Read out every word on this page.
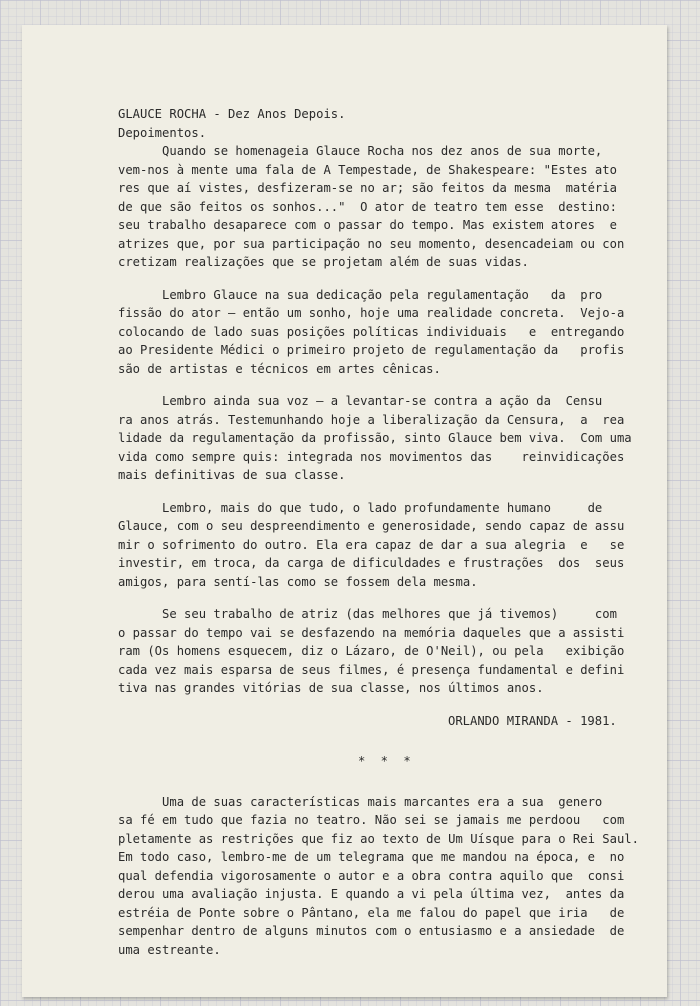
GLAUCE ROCHA - Dez Anos Depois.
Depoimentos.
Quando se homenageia Glauce Rocha nos dez anos de sua morte,
vem-nos à mente uma fala de A Tempestade, de Shakespeare: "Estes ato
res que aí vistes, desfizeram-se no ar; são feitos da mesma  matéria
de que são feitos os sonhos..."  O ator de teatro tem esse  destino:
seu trabalho desaparece com o passar do tempo. Mas existem atores  e
atrizes que, por sua participação no seu momento, desencadeiam ou con
cretizam realizações que se projetam além de suas vidas.
Lembro Glauce na sua dedicação pela regulamentação   da  pro
fissão do ator — então um sonho, hoje uma realidade concreta.  Vejo-a
colocando de lado suas posições políticas individuais   e  entregando
ao Presidente Médici o primeiro projeto de regulamentação da   profis
são de artistas e técnicos em artes cênicas.
Lembro ainda sua voz — a levantar-se contra a ação da  Censu
ra anos atrás. Testemunhando hoje a liberalização da Censura,  a  rea
lidade da regulamentação da profissão, sinto Glauce bem viva.  Com uma
vida como sempre quis: integrada nos movimentos das    reinvidicações
mais definitivas de sua classe.
Lembro, mais do que tudo, o lado profundamente humano     de
Glauce, com o seu despreendimento e generosidade, sendo capaz de assu
mir o sofrimento do outro. Ela era capaz de dar a sua alegria  e   se
investir, em troca, da carga de dificuldades e frustrações  dos  seus
amigos, para sentí-las como se fossem dela mesma.
Se seu trabalho de atriz (das melhores que já tivemos)     com
o passar do tempo vai se desfazendo na memória daqueles que a assisti
ram (Os homens esquecem, diz o Lázaro, de O'Neil), ou pela   exibição
cada vez mais esparsa de seus filmes, é presença fundamental e defini
tiva nas grandes vitórias de sua classe, nos últimos anos.
ORLANDO MIRANDA - 1981.
* * *
Uma de suas características mais marcantes era a sua  genero
sa fé em tudo que fazia no teatro. Não sei se jamais me perdoou   com
pletamente as restrições que fiz ao texto de Um Uísque para o Rei Saul.
Em todo caso, lembro-me de um telegrama que me mandou na época, e  no
qual defendia vigorosamente o autor e a obra contra aquilo que  consi
derou uma avaliação injusta. E quando a vi pela última vez,  antes da
estréia de Ponte sobre o Pântano, ela me falou do papel que iria   de
sempenhar dentro de alguns minutos com o entusiasmo e a ansiedade  de
uma estreante.
